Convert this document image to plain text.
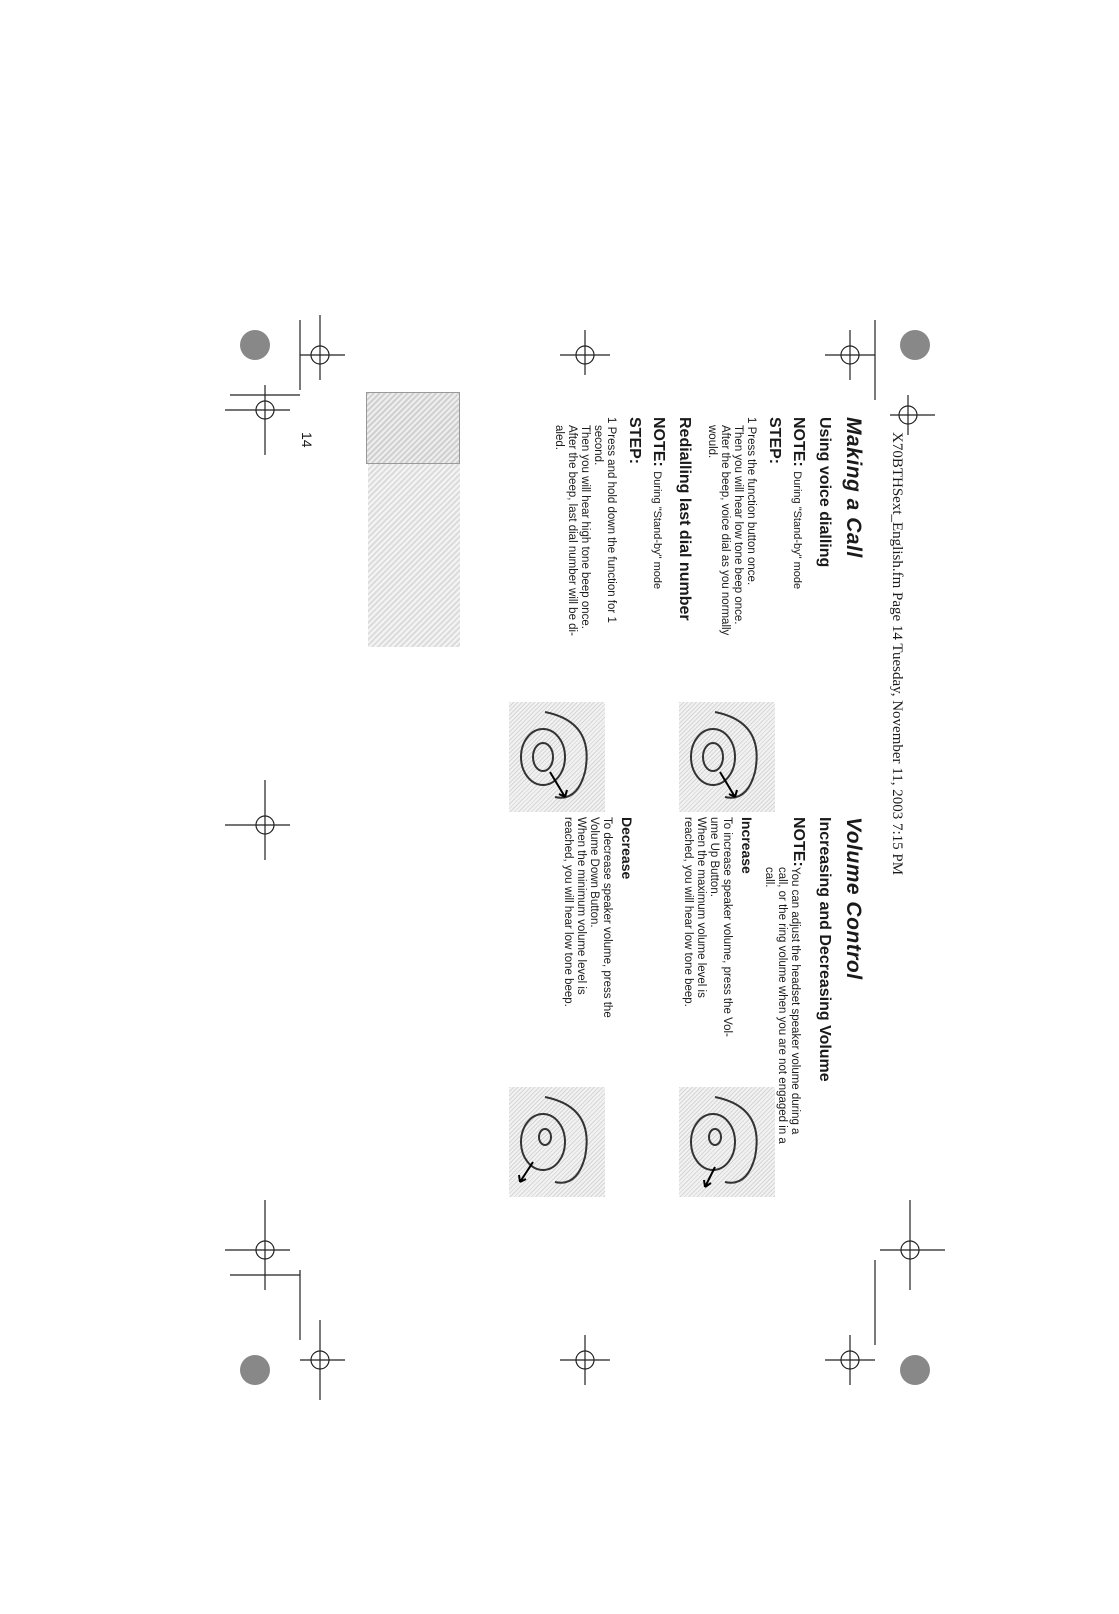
X70BTHSext_English.fm Page 14 Tuesday, November 11, 2003 7:15 PM
14	Making a Call
Using voice dialling
NOTE: During "Stand-by" mode
STEP:
1 Press the function button once.
Then you will hear low tone beep once.
After the beep, voice dial as you normally
would.
Redialling last dial number
NOTE: During "Stand-by" mode
STEP:
1 Press and hold down the function for 1
second.
Then you will hear high tone beep once.
After the beep, last dial number will be di-
aled.
Volume Control
Increasing and Decreasing Volume
NOTE:
You can adjust the headset speaker volume during a
call, or the ring volume when you are not engaged in a
call.
Increase
To increase speaker volume, press the Vol-
ume Up Button.
When the maximum volume level is
reached, you will hear low tone beep.
Decrease
To decrease speaker volume, press the
Volume Down Button.
When the minimum volume level is
reached, you will hear low tone beep.
